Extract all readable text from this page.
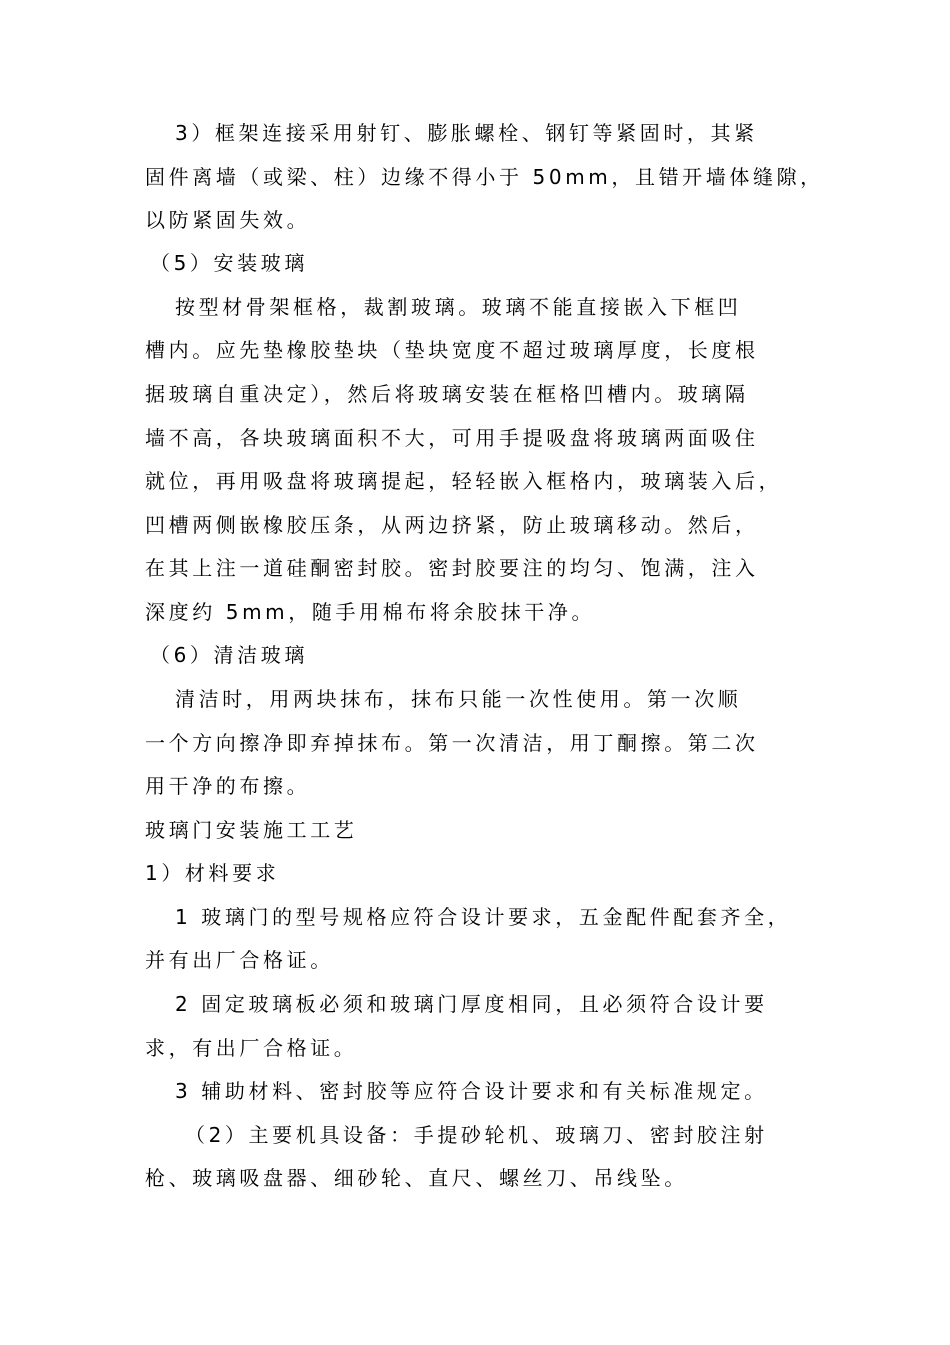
3）框架连接采用射钉、膨胀螺栓、钢钉等紧固时，其紧
固件离墙（或梁、柱）边缘不得小于 50mm，且错开墙体缝隙，
以防紧固失效。
（5）安装玻璃
按型材骨架框格，裁割玻璃。玻璃不能直接嵌入下框凹
槽内。应先垫橡胶垫块（垫块宽度不超过玻璃厚度，长度根
据玻璃自重决定），然后将玻璃安装在框格凹槽内。玻璃隔
墙不高，各块玻璃面积不大，可用手提吸盘将玻璃两面吸住
就位，再用吸盘将玻璃提起，轻轻嵌入框格内，玻璃装入后，
凹槽两侧嵌橡胶压条，从两边挤紧，防止玻璃移动。然后，
在其上注一道硅酮密封胶。密封胶要注的均匀、饱满，注入
深度约 5mm，随手用棉布将余胶抹干净。
（6）清洁玻璃
清洁时，用两块抹布，抹布只能一次性使用。第一次顺
一个方向擦净即弃掉抹布。第一次清洁，用丁酮擦。第二次
用干净的布擦。
玻璃门安装施工工艺
1）材料要求
1 玻璃门的型号规格应符合设计要求，五金配件配套齐全，
并有出厂合格证。
2 固定玻璃板必须和玻璃门厚度相同，且必须符合设计要
求，有出厂合格证。
3 辅助材料、密封胶等应符合设计要求和有关标准规定。
（2）主要机具设备：手提砂轮机、玻璃刀、密封胶注射
枪、玻璃吸盘器、细砂轮、直尺、螺丝刀、吊线坠。
